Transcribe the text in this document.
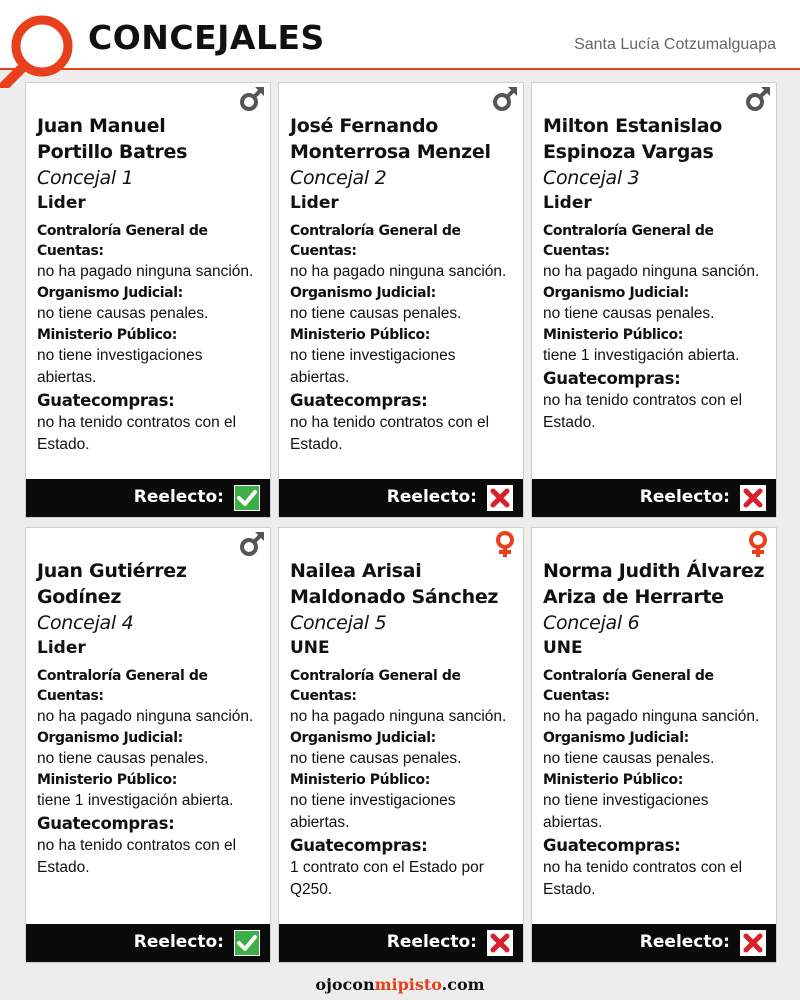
CONCEJALES	Santa Lucía Cotzumalguapa
Juan Manuel
Portillo Batres
Concejal 1
Lider
Contraloría General de Cuentas:
no ha pagado ninguna sanción.
Organismo Judicial:
no tiene causas penales.
Ministerio Público:
no tiene investigaciones abiertas.
Guatecompras:
no ha tenido contratos con el Estado.
Reelecto:
José Fernando
Monterrosa Menzel
Concejal 2
Lider
Contraloría General de Cuentas:
no ha pagado ninguna sanción.
Organismo Judicial:
no tiene causas penales.
Ministerio Público:
no tiene investigaciones abiertas.
Guatecompras:
no ha tenido contratos con el Estado.
Reelecto:
Milton Estanislao
Espinoza Vargas
Concejal 3
Lider
Contraloría General de Cuentas:
no ha pagado ninguna sanción.
Organismo Judicial:
no tiene causas penales.
Ministerio Público:
tiene 1 investigación abierta.
Guatecompras:
no ha tenido contratos con el Estado.
Reelecto:
Juan Gutiérrez Godínez
Concejal 4
Lider
Contraloría General de Cuentas:
no ha pagado ninguna sanción.
Organismo Judicial:
no tiene causas penales.
Ministerio Público:
tiene 1 investigación abierta.
Guatecompras:
no ha tenido contratos con el Estado.
Reelecto:
Nailea Arisai
Maldonado Sánchez
Concejal 5
UNE
Contraloría General de Cuentas:
no ha pagado ninguna sanción.
Organismo Judicial:
no tiene causas penales.
Ministerio Público:
no tiene investigaciones abiertas.
Guatecompras:
1 contrato con el Estado por Q250.
Reelecto:
Norma Judith Álvarez
Ariza de Herrarte
Concejal 6
UNE
Contraloría General de Cuentas:
no ha pagado ninguna sanción.
Organismo Judicial:
no tiene causas penales.
Ministerio Público:
no tiene investigaciones abiertas.
Guatecompras:
no ha tenido contratos con el Estado.
Reelecto:
ojoconmipisto.com
